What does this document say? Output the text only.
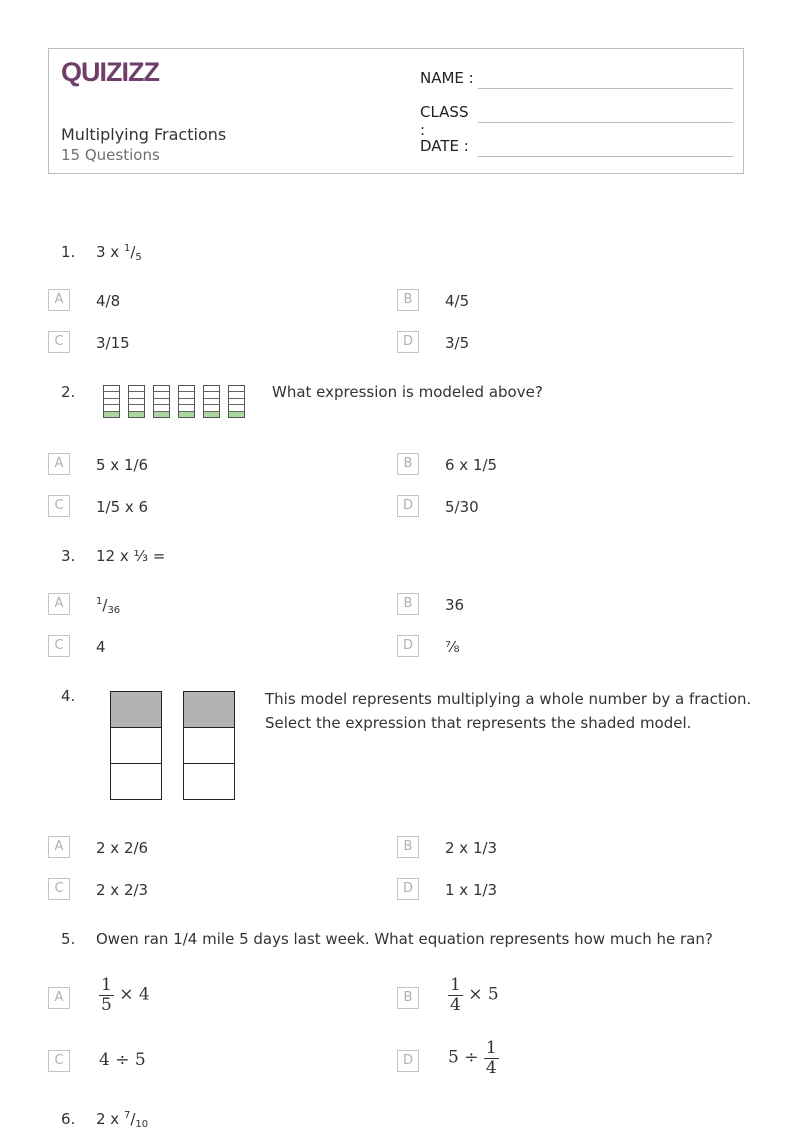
QUIZIZZ
Multiplying Fractions
15 Questions
NAME :
CLASS :
DATE :
1. 3 x $^1/_5$
A	4/8	B	4/5
C	3/15	D	3/5
2.	What expression is modeled above?
A	5 x 1/6	B	6 x 1/5
C	1/5 x 6	D	5/30
3. 12 x ⅓ =
A	$^1/_{36}$	B	36
C	4	D	⅞
4.	This model represents multiplying a whole number by a fraction.
Select the expression that represents the shaded model.
A	2 x 2/6	B	2 x 1/3
C	2 x 2/3	D	1 x 1/3
5. Owen ran 1/4 mile 5 days last week. What equation represents how much he ran?
A	$\frac{1}{5} \times 4$	B	$\frac{1}{4} \times 5$
C	4 ÷ 5	D	$5 \div \frac{1}{4}$
6. 2 x $^7/_{10}$
